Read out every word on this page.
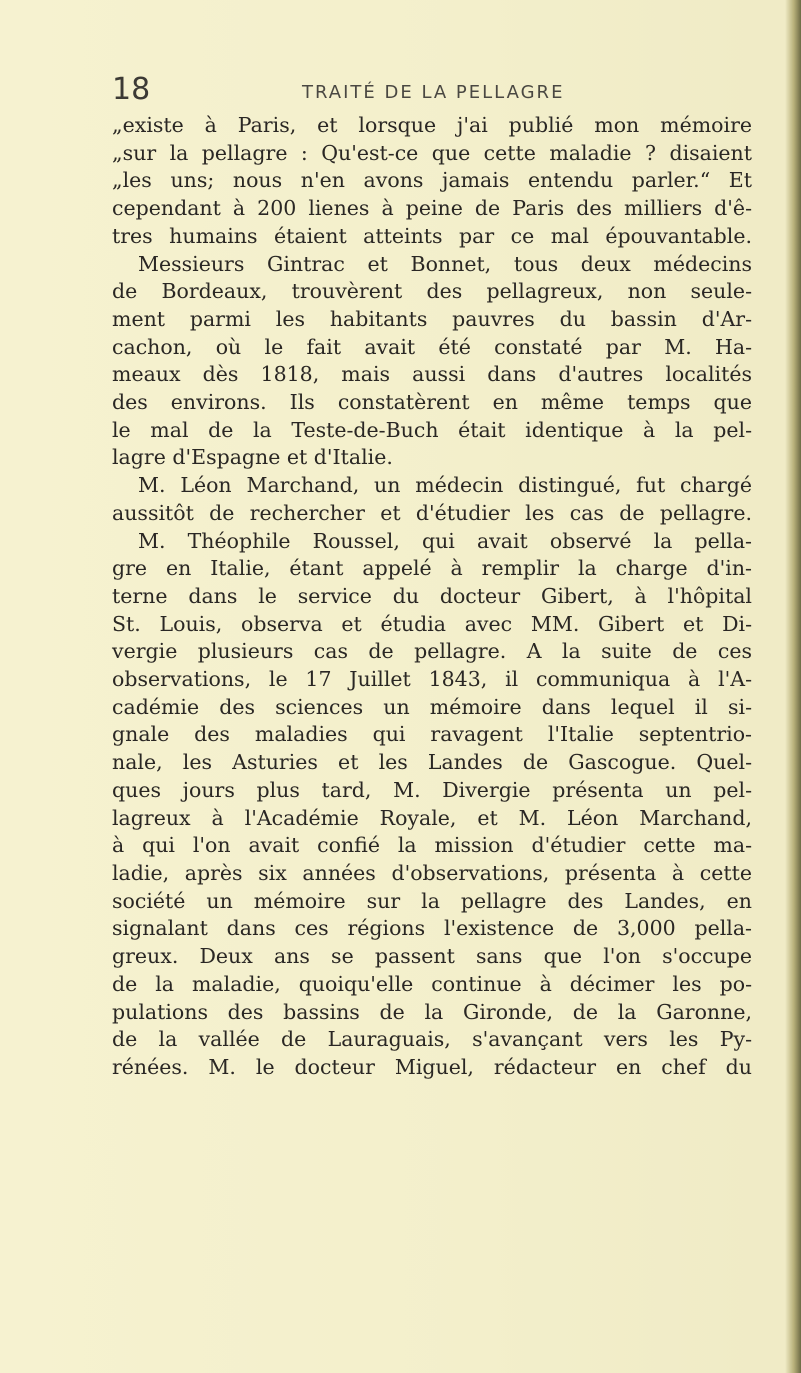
18	TRAITÉ DE LA PELLAGRE
„existe à Paris, et lorsque j'ai publié mon mémoire
„sur la pellagre : Qu'est-ce que cette maladie ? disaient
„les uns; nous n'en avons jamais entendu parler.“ Et
cependant à 200 lienes à peine de Paris des milliers d'ê-
tres humains étaient atteints par ce mal épouvantable.
Messieurs Gintrac et Bonnet, tous deux médecins
de Bordeaux, trouvèrent des pellagreux, non seule-
ment parmi les habitants pauvres du bassin d'Ar-
cachon, où le fait avait été constaté par M. Ha-
meaux dès 1818, mais aussi dans d'autres localités
des environs. Ils constatèrent en même temps que
le mal de la Teste-de-Buch était identique à la pel-
lagre d'Espagne et d'Italie.
M. Léon Marchand, un médecin distingué, fut chargé
aussitôt de rechercher et d'étudier les cas de pellagre.
M. Théophile Roussel, qui avait observé la pella-
gre en Italie, étant appelé à remplir la charge d'in-
terne dans le service du docteur Gibert, à l'hôpital
St. Louis, observa et étudia avec MM. Gibert et Di-
vergie plusieurs cas de pellagre. A la suite de ces
observations, le 17 Juillet 1843, il communiqua à l'A-
cadémie des sciences un mémoire dans lequel il si-
gnale des maladies qui ravagent l'Italie septentrio-
nale, les Asturies et les Landes de Gascogue. Quel-
ques jours plus tard, M. Divergie présenta un pel-
lagreux à l'Académie Royale, et M. Léon Marchand,
à qui l'on avait confié la mission d'étudier cette ma-
ladie, après six années d'observations, présenta à cette
société un mémoire sur la pellagre des Landes, en
signalant dans ces régions l'existence de 3,000 pella-
greux. Deux ans se passent sans que l'on s'occupe
de la maladie, quoiqu'elle continue à décimer les po-
pulations des bassins de la Gironde, de la Garonne,
de la vallée de Lauraguais, s'avançant vers les Py-
rénées. M. le docteur Miguel, rédacteur en chef du
